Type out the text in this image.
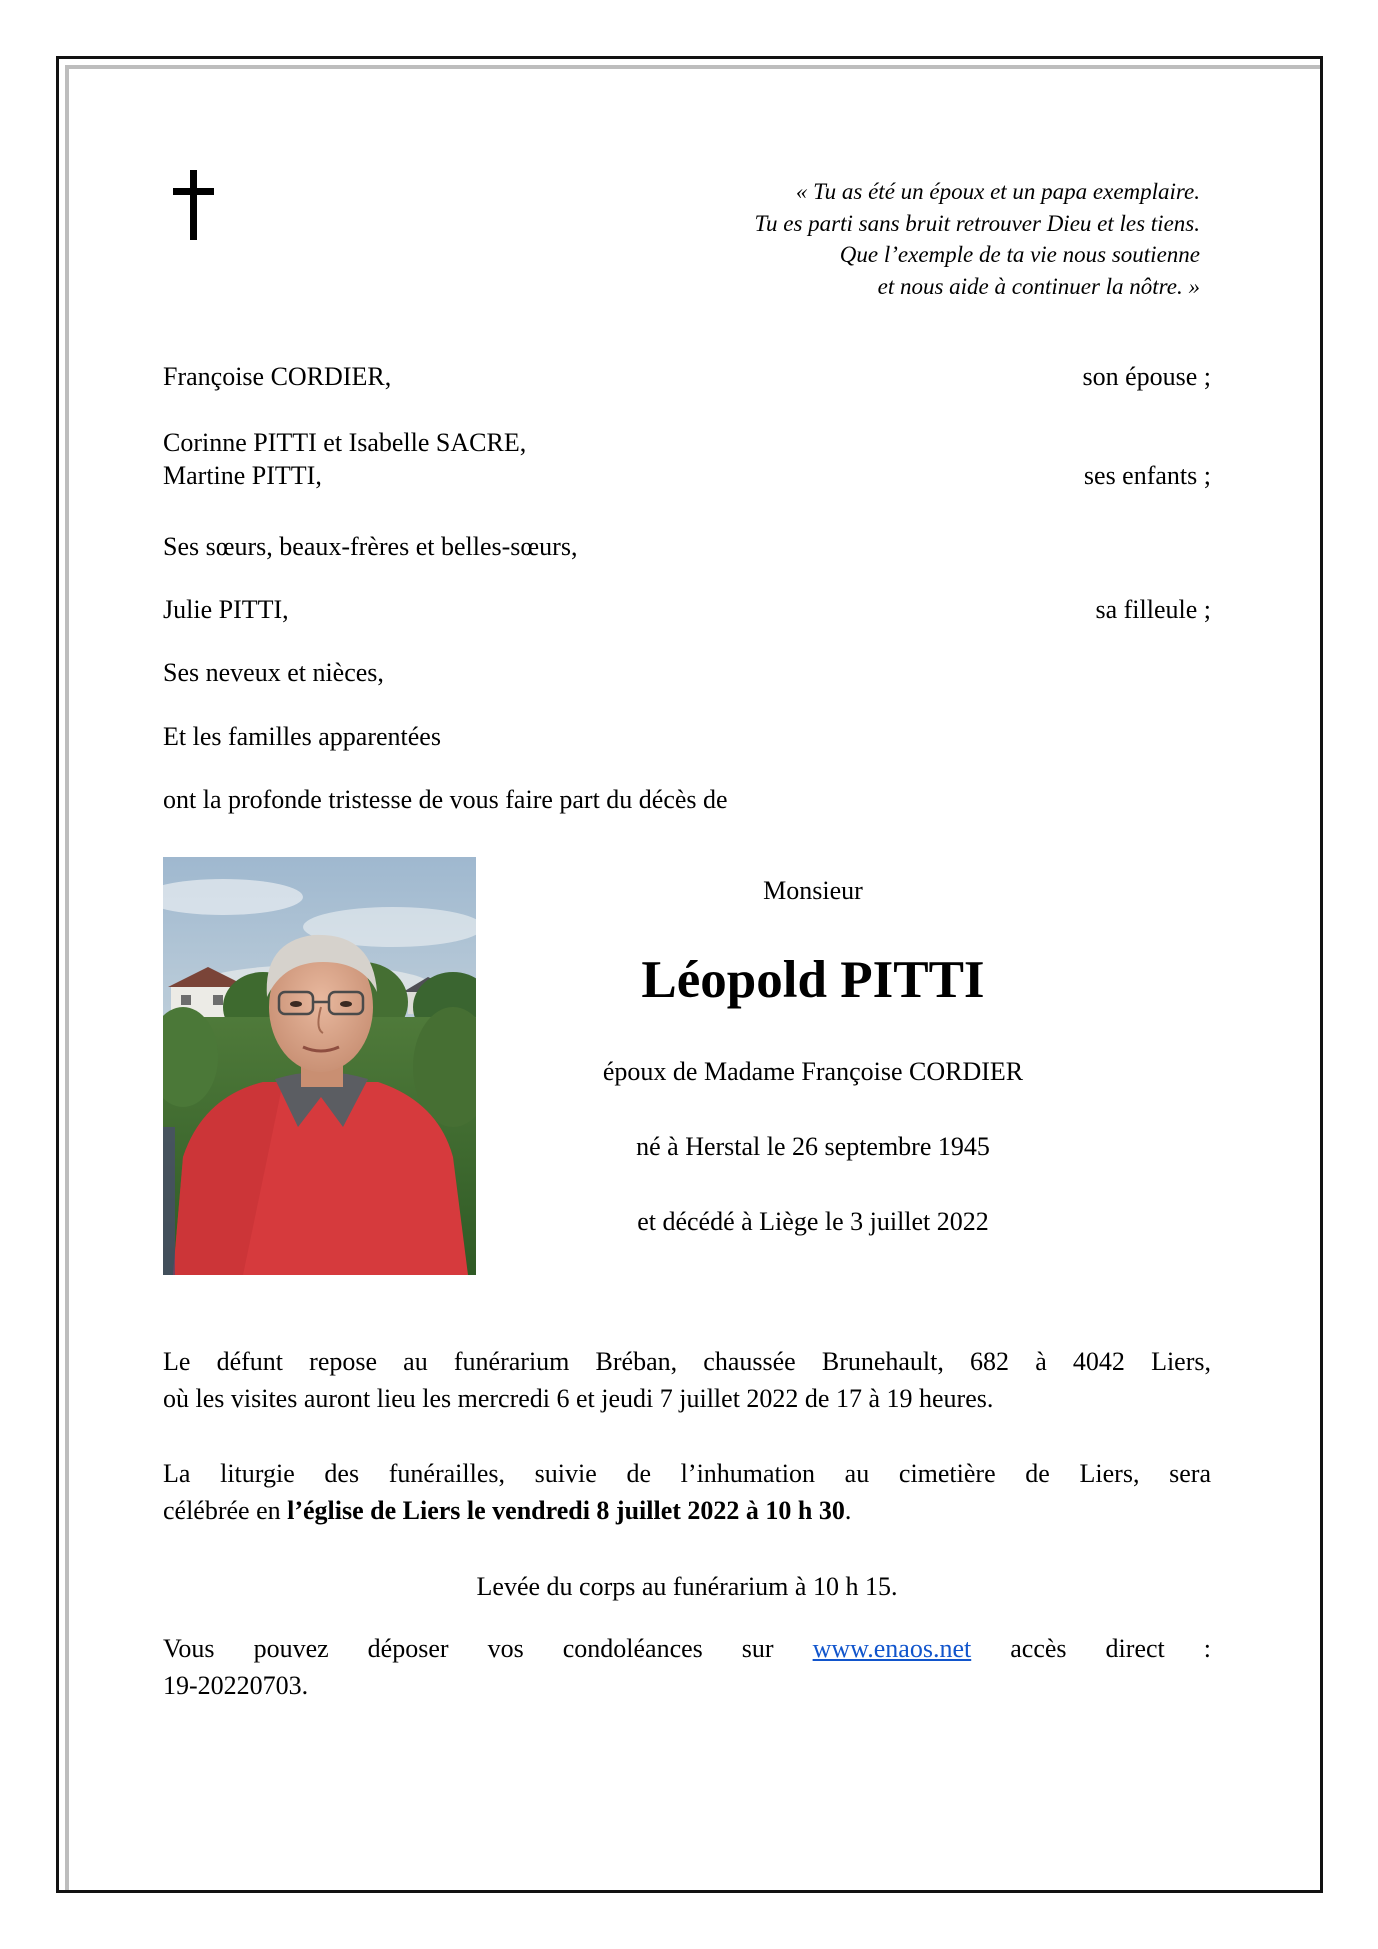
« Tu as été un époux et un papa exemplaire.
Tu es parti sans bruit retrouver Dieu et les tiens.
Que l’exemple de ta vie nous soutienne
et nous aide à continuer la nôtre. »
Françoise CORDIER,	son épouse ;
Corinne PITTI et Isabelle SACRE,
Martine PITTI,	ses enfants ;
Ses sœurs, beaux-frères et belles-sœurs,
Julie PITTI,	sa filleule ;
Ses neveux et nièces,
Et les familles apparentées
ont la profonde tristesse de vous faire part du décès de
Monsieur
Léopold PITTI
époux de Madame Françoise CORDIER
né à Herstal le 26 septembre 1945
et décédé à Liège le 3 juillet 2022
Le défunt repose au funérarium Bréban, chaussée Brunehault, 682 à 4042 Liers,
où les visites auront lieu les mercredi 6 et jeudi 7 juillet 2022 de 17 à 19 heures.
La liturgie des funérailles, suivie de l’inhumation au cimetière de Liers, sera
célébrée en l’église de Liers le vendredi 8 juillet 2022 à 10 h 30.
Levée du corps au funérarium à 10 h 15.
Vous pouvez déposer vos condoléances sur www.enaos.net accès direct :
19-20220703.
